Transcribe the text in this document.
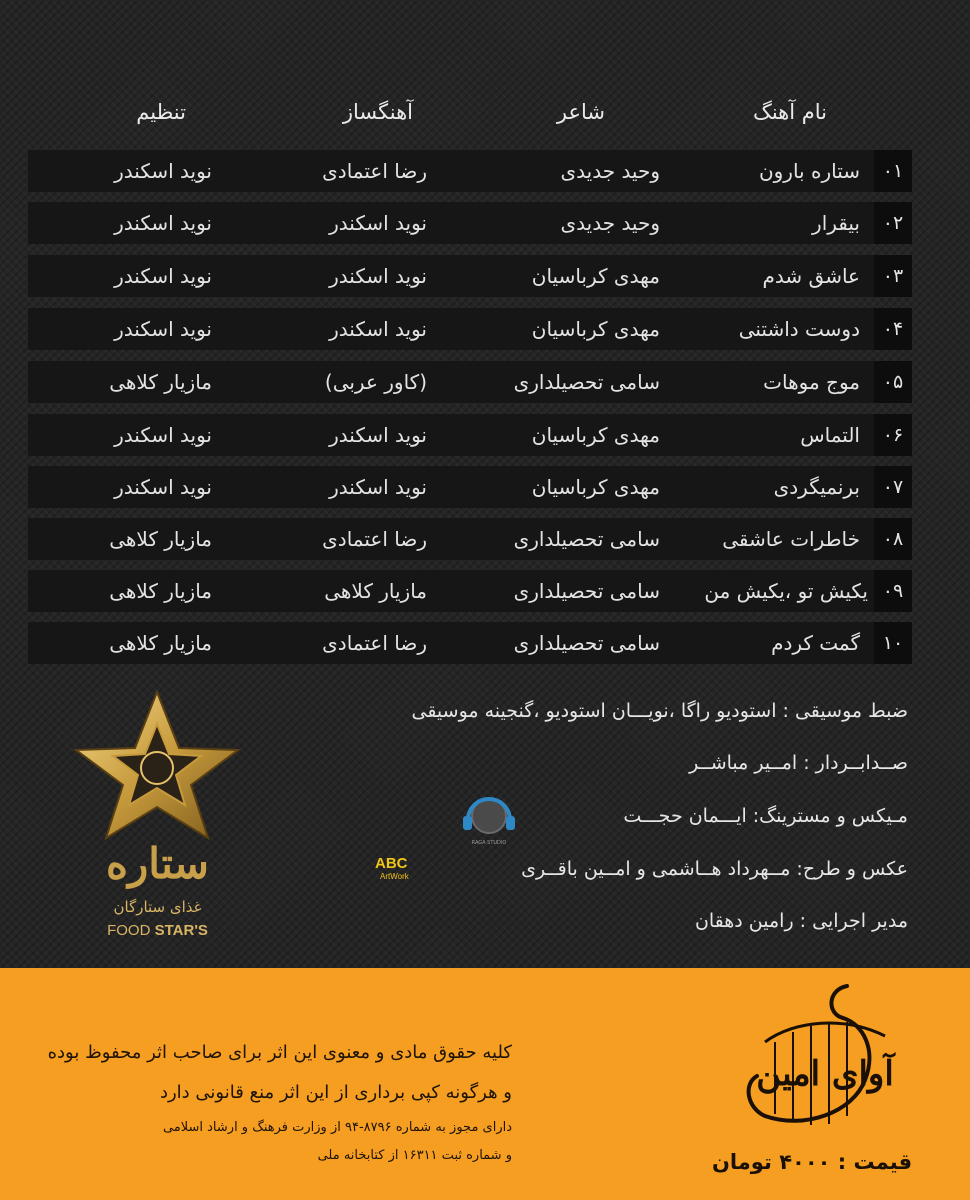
نام آهنگ
شاعر
آهنگساز
تنظیم
۰۱
ستاره بارون
وحید جدیدی
رضا اعتمادی
نوید اسکندر
۰۲
بیقرار
وحید جدیدی
نوید اسکندر
نوید اسکندر
۰۳
عاشق شدم
مهدی کرباسیان
نوید اسکندر
نوید اسکندر
۰۴
دوست داشتنی
مهدی کرباسیان
نوید اسکندر
نوید اسکندر
۰۵
موج موهات
سامی تحصیلداری
(کاور عربی)
مازیار کلاهی
۰۶
التماس
مهدی کرباسیان
نوید اسکندر
نوید اسکندر
۰۷
برنمیگردی
مهدی کرباسیان
نوید اسکندر
نوید اسکندر
۰۸
خاطرات عاشقی
سامی تحصیلداری
رضا اعتمادی
مازیار کلاهی
۰۹
یکیش تو ،یکیش من
سامی تحصیلداری
مازیار کلاهی
مازیار کلاهی
۱۰
گمت کردم
سامی تحصیلداری
رضا اعتمادی
مازیار کلاهی
ضبط موسیقی : استودیو راگا ،نویـــان استودیو ،گنجینه موسیقی
صــدابــردار : امــیر مباشــر
مـیکس و مسترینگ: ایـــمان حجـــت
عکس و طرح: مــهرداد هــاشمی و امــین باقــری
مدیر اجرایی : رامین دهقان
RAGA STUDIO
ABC
ArtWork
ستاره
غذای ستارگان
FOOD STAR'S
کلیه حقوق مادی و معنوی این اثر برای صاحب اثر محفوظ بوده
و هرگونه کپی برداری از این اثر منع قانونی دارد
دارای مجوز به شماره ۸۷۹۶-۹۴ از وزارت فرهنگ و ارشاد اسلامی
و شماره ثبت ۱۶۳۱۱ از کتابخانه ملی
آوای امین
قیمت : ۴۰۰۰ تومان
